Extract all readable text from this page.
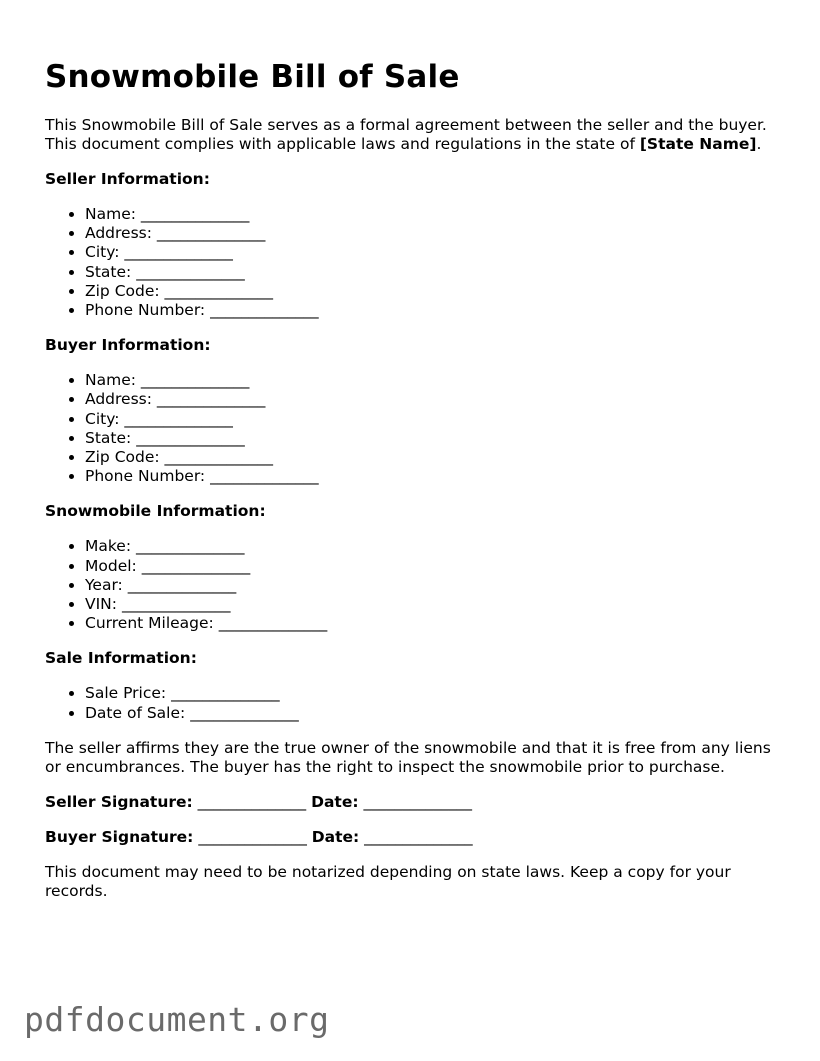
Snowmobile Bill of Sale

This Snowmobile Bill of Sale serves as a formal agreement between the seller and the buyer. This document complies with applicable laws and regulations in the state of [State Name].

Seller Information:

• Name: ______________
• Address: ______________
• City: ______________
• State: ______________
• Zip Code: ______________
• Phone Number: ______________

Buyer Information:

• Name: ______________
• Address: ______________
• City: ______________
• State: ______________
• Zip Code: ______________
• Phone Number: ______________

Snowmobile Information:

• Make: ______________
• Model: ______________
• Year: ______________
• VIN: ______________
• Current Mileage: ______________

Sale Information:

• Sale Price: ______________
• Date of Sale: ______________

The seller affirms they are the true owner of the snowmobile and that it is free from any liens or encumbrances. The buyer has the right to inspect the snowmobile prior to purchase.

Seller Signature: ______________ Date: ______________

Buyer Signature: ______________ Date: ______________

This document may need to be notarized depending on state laws. Keep a copy for your records.

pdfdocument.org
